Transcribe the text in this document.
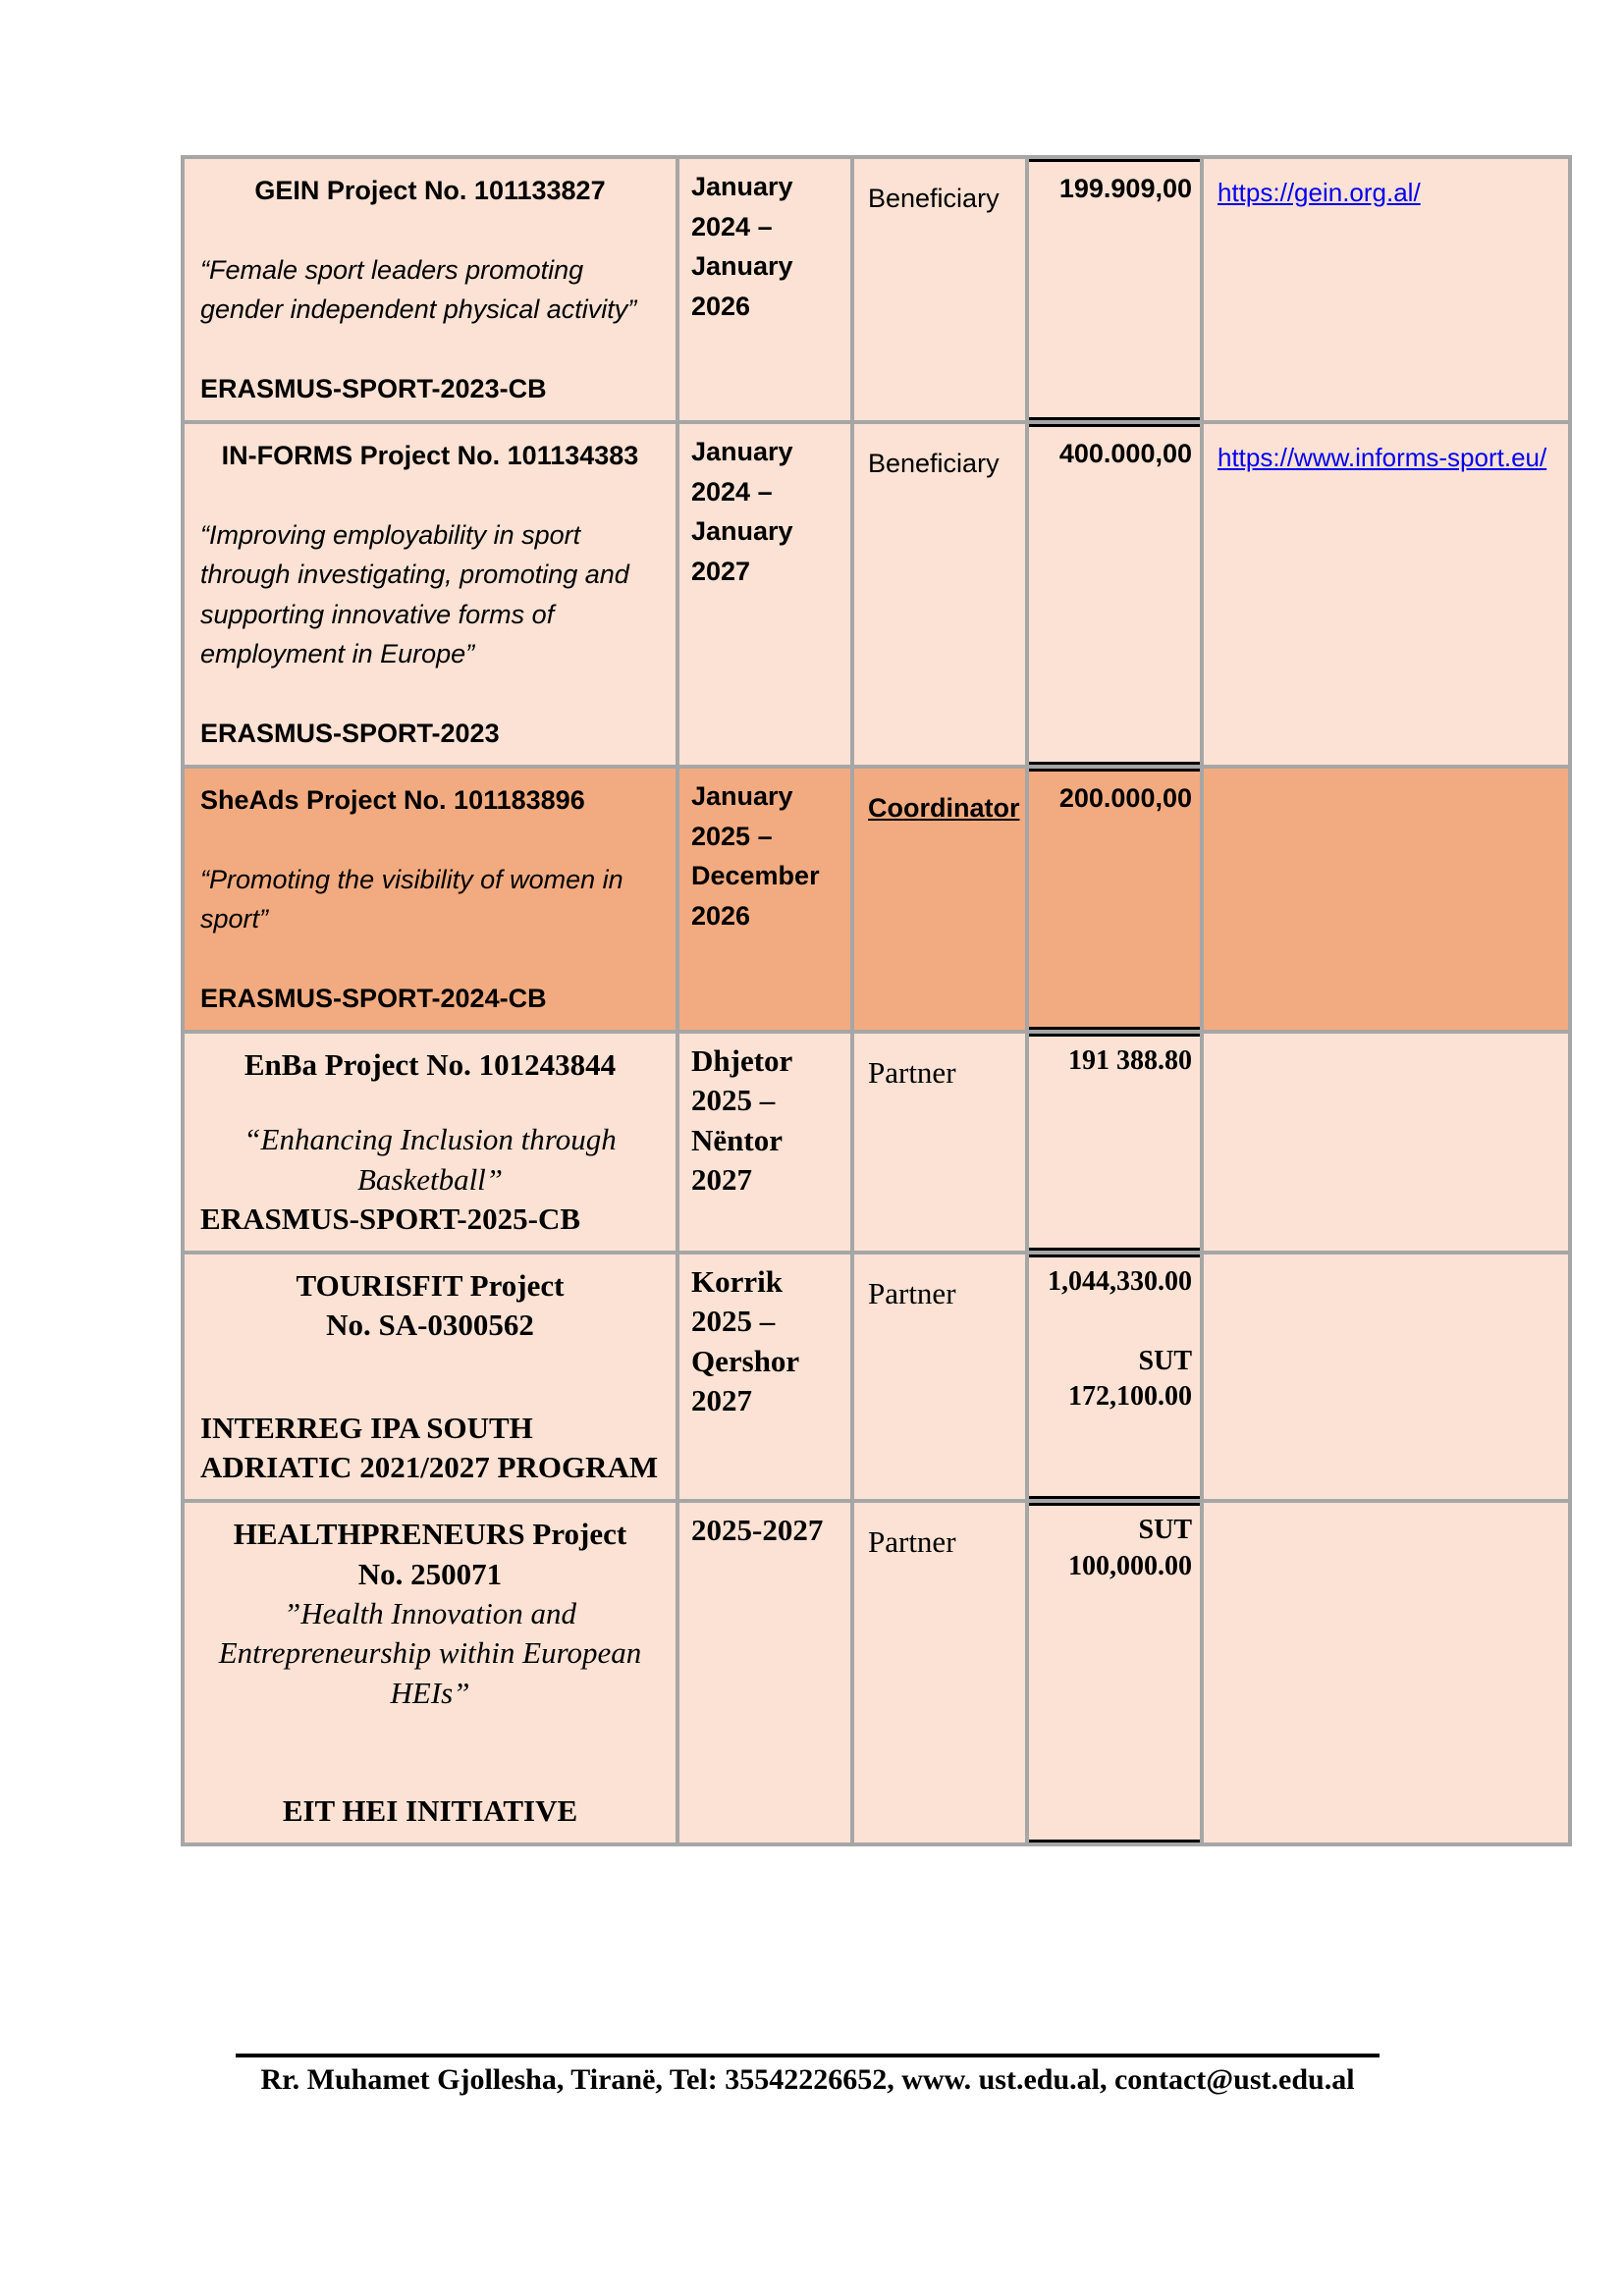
GEIN Project No. 101133827
“Female sport leaders promoting gender independent physical activity”
ERASMUS-SPORT-2023-CB	January 2024 – January 2026	Beneficiary	199.909,00	https://gein.org.al/

IN-FORMS Project No. 101134383
“Improving employability in sport through investigating, promoting and supporting innovative forms of employment in Europe”
ERASMUS-SPORT-2023	January 2024 – January 2027	Beneficiary	400.000,00	https://www.informs-sport.eu/

SheAds Project No. 101183896
“Promoting the visibility of women in sport”
ERASMUS-SPORT-2024-CB	January 2025 – December 2026	Coordinator	200.000,00	

EnBa Project No. 101243844
“Enhancing Inclusion through Basketball”
ERASMUS-SPORT-2025-CB	Dhjetor 2025 – Nëntor 2027	Partner	191 388.80	

TOURISFIT Project
No. SA-0300562
INTERREG IPA SOUTH ADRIATIC 2021/2027 PROGRAM
	Korrik 2025 – Qershor 2027	Partner	1,044,330.00
SUT
172,100.00

HEALTHPRENEURS Project
No. 250071
”Health Innovation and Entrepreneurship within European HEIs”
EIT HEI INITIATIVE
	2025-2027	Partner	SUT
100,000.00

Rr. Muhamet Gjollesha, Tiranë, Tel: 35542226652, www. ust.edu.al, contact@ust.edu.al
